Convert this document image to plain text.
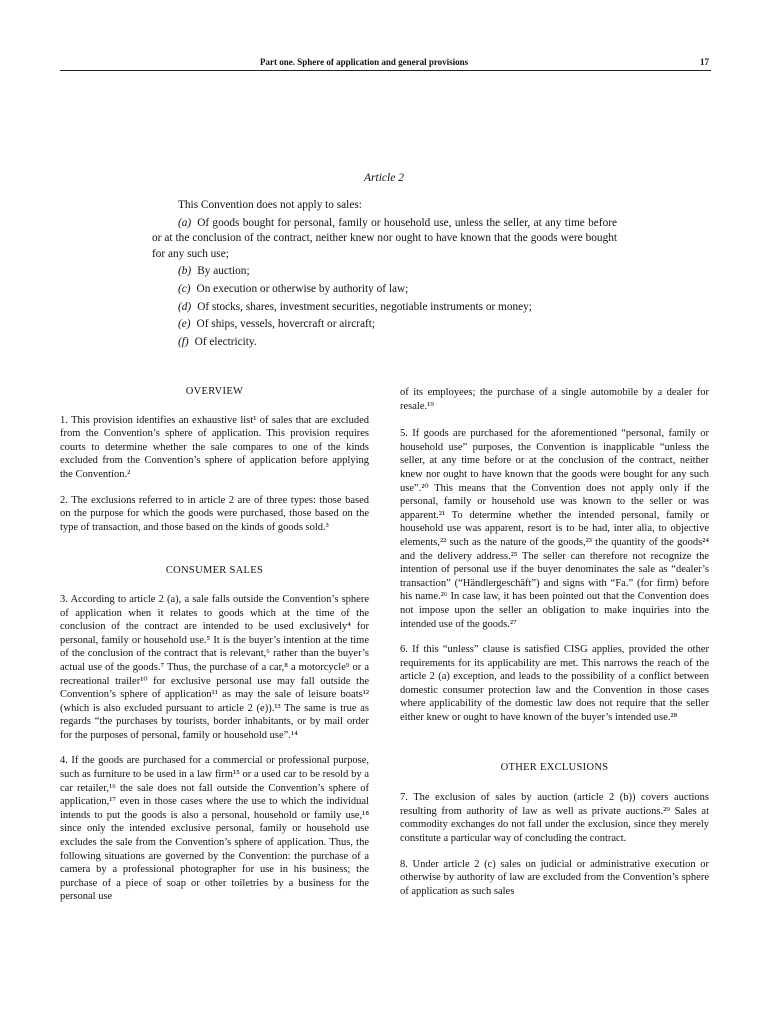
Part one. Sphere of application and general provisions	17
Article 2

This Convention does not apply to sales:

(a) Of goods bought for personal, family or household use, unless the seller, at any time before or at the conclusion of the contract, neither knew nor ought to have known that the goods were bought for any such use;

(b) By auction;

(c) On execution or otherwise by authority of law;

(d) Of stocks, shares, investment securities, negotiable instruments or money;

(e) Of ships, vessels, hovercraft or aircraft;

(f) Of electricity.

OVERVIEW

1. This provision identifies an exhaustive list¹ of sales that are excluded from the Convention’s sphere of application. This provision requires courts to determine whether the sale compares to one of the kinds excluded from the Convention’s sphere of application before applying the Convention.²

2. The exclusions referred to in article 2 are of three types: those based on the purpose for which the goods were purchased, those based on the type of transaction, and those based on the kinds of goods sold.³

CONSUMER SALES

3. According to article 2 (a), a sale falls outside the Convention’s sphere of application when it relates to goods which at the time of the conclusion of the contract are intended to be used exclusively⁴ for personal, family or household use.⁵ It is the buyer’s intention at the time of the conclusion of the contract that is relevant,⁶ rather than the buyer’s actual use of the goods.⁷ Thus, the purchase of a car,⁸ a motorcycle⁹ or a recreational trailer¹⁰ for exclusive personal use may fall outside the Convention’s sphere of application¹¹ as may the sale of leisure boats¹² (which is also excluded pursuant to article 2 (e)).¹³ The same is true as regards “the purchases by tourists, border inhabitants, or by mail order for the purposes of personal, family or household use”.¹⁴

4. If the goods are purchased for a commercial or professional purpose, such as furniture to be used in a law firm¹⁵ or a used car to be resold by a car retailer,¹⁶ the sale does not fall outside the Convention’s sphere of application,¹⁷ even in those cases where the use to which the individual intends to put the goods is also a personal, household or family use,¹⁸ since only the intended exclusive personal, family or household use excludes the sale from the Convention’s sphere of application. Thus, the following situations are governed by the Convention: the purchase of a camera by a professional photographer for use in his business; the purchase of a piece of soap or other toiletries by a business for the personal use

of its employees; the purchase of a single automobile by a dealer for resale.¹⁹

5. If goods are purchased for the aforementioned “personal, family or household use” purposes, the Convention is inapplicable “unless the seller, at any time before or at the conclusion of the contract, neither knew nor ought to have known that the goods were bought for any such use”.²⁰ This means that the Convention does not apply only if the personal, family or household use was known to the seller or was apparent.²¹ To determine whether the intended personal, family or household use was apparent, resort is to be had, inter alia, to objective elements,²² such as the nature of the goods,²³ the quantity of the goods²⁴ and the delivery address.²⁵ The seller can therefore not recognize the intention of personal use if the buyer denominates the sale as “dealer’s transaction” (“Händlergeschäft”) and signs with “Fa.” (for firm) before his name.²⁶ In case law, it has been pointed out that the Convention does not impose upon the seller an obligation to make inquiries into the intended use of the goods.²⁷

6. If this “unless” clause is satisfied CISG applies, provided the other requirements for its applicability are met. This narrows the reach of the article 2 (a) exception, and leads to the possibility of a conflict between domestic consumer protection law and the Convention in those cases where applicability of the domestic law does not require that the seller either knew or ought to have known of the buyer’s intended use.²⁸

OTHER EXCLUSIONS

7. The exclusion of sales by auction (article 2 (b)) covers auctions resulting from authority of law as well as private auctions.²⁹ Sales at commodity exchanges do not fall under the exclusion, since they merely constitute a particular way of concluding the contract.

8. Under article 2 (c) sales on judicial or administrative execution or otherwise by authority of law are excluded from the Convention’s sphere of application as such sales
